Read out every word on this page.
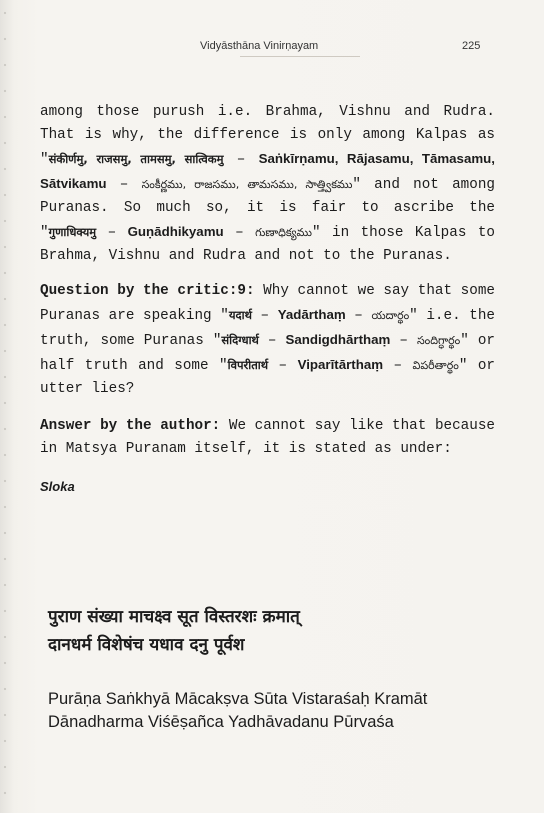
Vidyāsthāna Vinirṇayam	225

among those purush i.e. Brahma, Vishnu and Rudra. That is why, the difference is only among Kalpas as "संकीर्णमु, राजसमु, तामसमु, सात्विकमु – Saṅkīrṇamu, Rājasamu, Tāmasamu, Sātvikamu – సంకీర్ణము, రాజసము, తామసము, సాత్త్వికము" and not among Puranas. So much so, it is fair to ascribe the "गुणाधिक्यमु – Guṇādhikyamu – గుణాధిక్యము" in those Kalpas to Brahma, Vishnu and Rudra and not to the Puranas.

Question by the critic:9: Why cannot we say that some Puranas are speaking "यदार्थ – Yadārthaṃ – యదార్థం" i.e. the truth, some Puranas "संदिग्धार्थ – Sandigdhārthaṃ – సందిగ్ధార్థం" or half truth and some "विपरीतार्थ – Viparītārthaṃ – విపరీతార్థం" or utter lies?

Answer by the author: We cannot say like that because in Matsya Puranam itself, it is stated as under:

Sloka

पुराण संख्या माचक्ष्व सूत विस्तरशः क्रमात्
दानधर्म विशेषंच यधाव दनु पूर्वश
Purāṇa Saṅkhyā Mācakṣva Sūta Vistaraśaḥ Kramāt
Dānadharma Viśēṣañca Yadhāvadanu Pūrvaśa
